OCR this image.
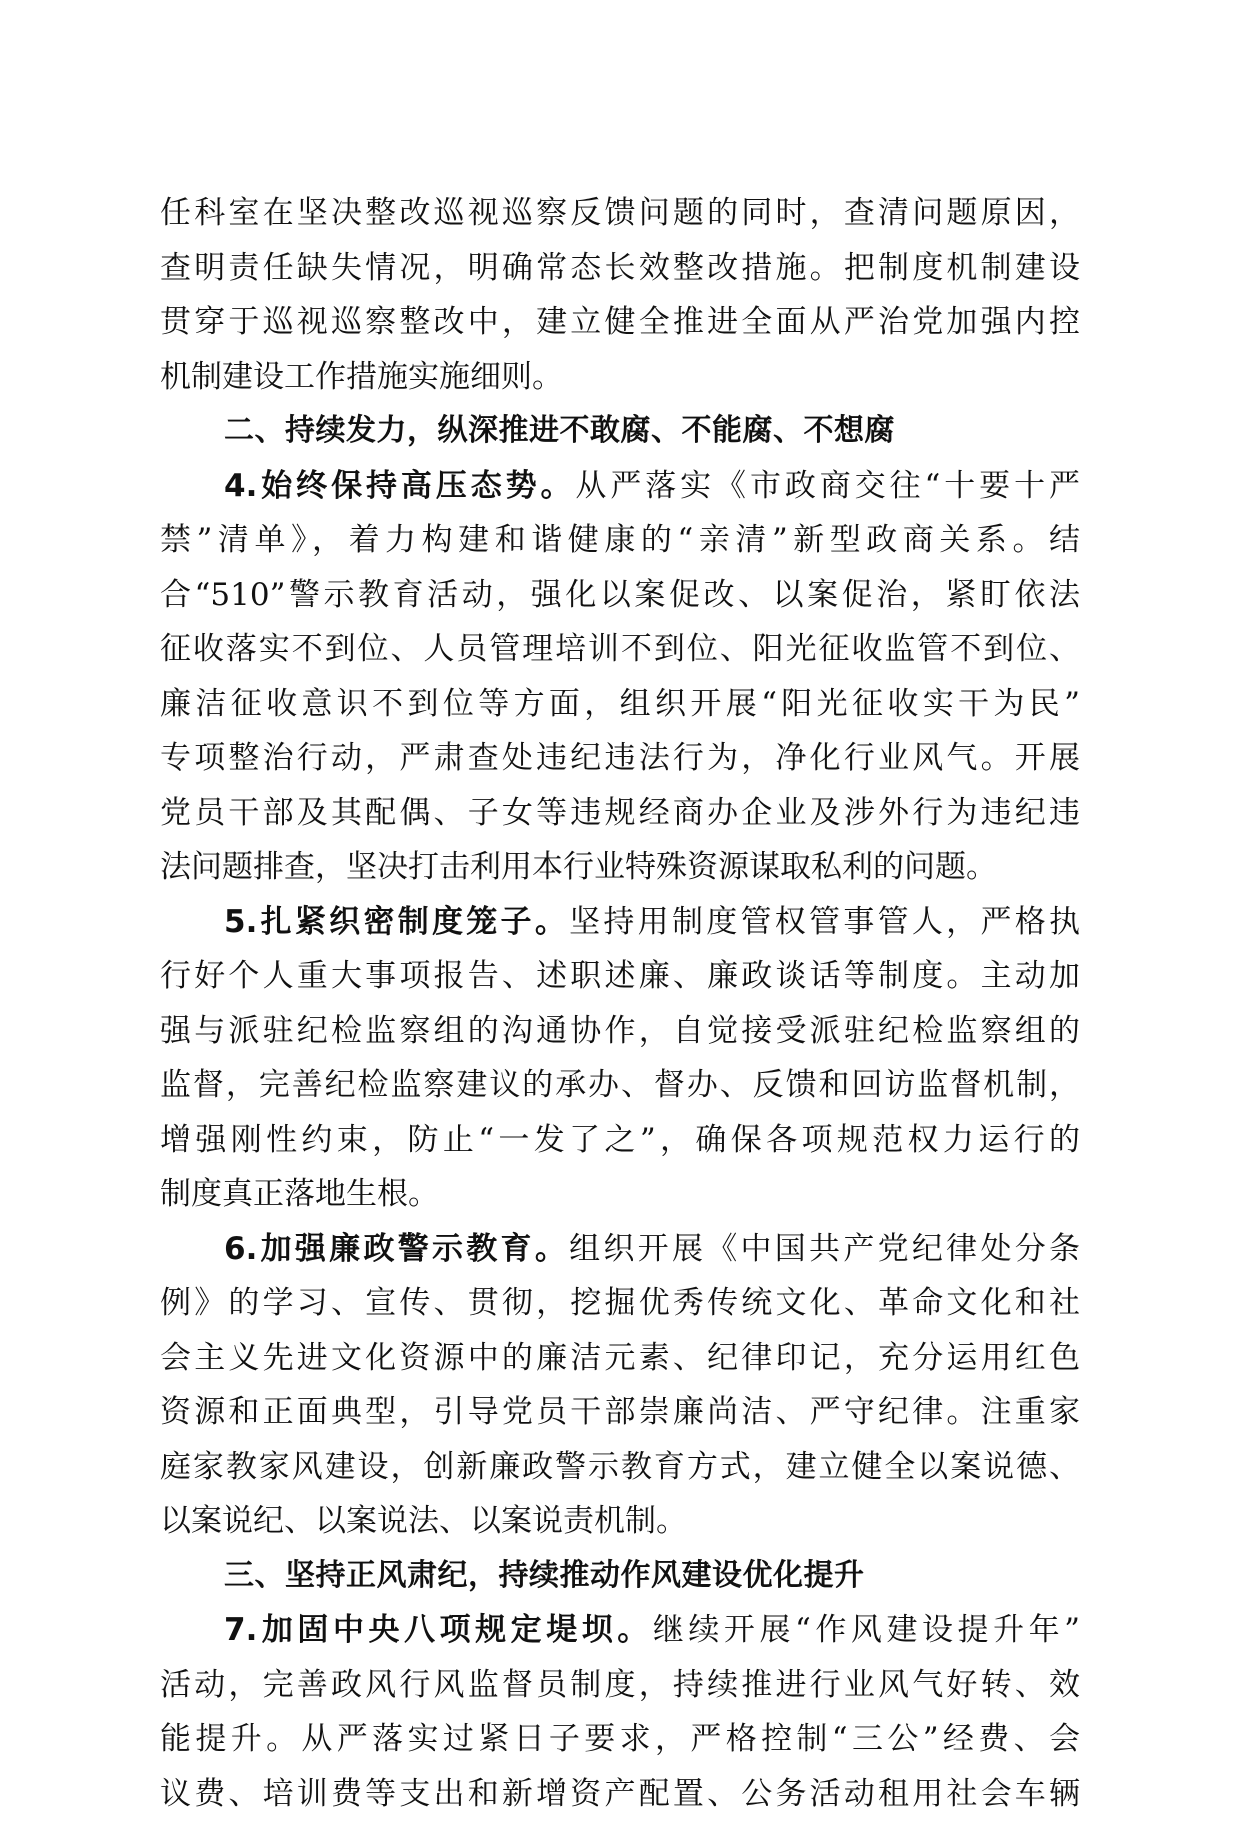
任科室在坚决整改巡视巡察反馈问题的同时，查清问题原因，
查明责任缺失情况，明确常态长效整改措施。把制度机制建设
贯穿于巡视巡察整改中，建立健全推进全面从严治党加强内控
机制建设工作措施实施细则。
二、持续发力，纵深推进不敢腐、不能腐、不想腐
4.始终保持高压态势。从严落实《市政商交往“十要十严
禁”清单》，着力构建和谐健康的“亲清”新型政商关系。结
合“510”警示教育活动，强化以案促改、以案促治，紧盯依法
征收落实不到位、人员管理培训不到位、阳光征收监管不到位、
廉洁征收意识不到位等方面，组织开展“阳光征收实干为民”
专项整治行动，严肃查处违纪违法行为，净化行业风气。开展
党员干部及其配偶、子女等违规经商办企业及涉外行为违纪违
法问题排查，坚决打击利用本行业特殊资源谋取私利的问题。
5.扎紧织密制度笼子。坚持用制度管权管事管人，严格执
行好个人重大事项报告、述职述廉、廉政谈话等制度。主动加
强与派驻纪检监察组的沟通协作，自觉接受派驻纪检监察组的
监督，完善纪检监察建议的承办、督办、反馈和回访监督机制，
增强刚性约束，防止“一发了之”，确保各项规范权力运行的
制度真正落地生根。
6.加强廉政警示教育。组织开展《中国共产党纪律处分条
例》的学习、宣传、贯彻，挖掘优秀传统文化、革命文化和社
会主义先进文化资源中的廉洁元素、纪律印记，充分运用红色
资源和正面典型，引导党员干部崇廉尚洁、严守纪律。注重家
庭家教家风建设，创新廉政警示教育方式，建立健全以案说德、
以案说纪、以案说法、以案说责机制。
三、坚持正风肃纪，持续推动作风建设优化提升
7.加固中央八项规定堤坝。继续开展“作风建设提升年”
活动，完善政风行风监督员制度，持续推进行业风气好转、效
能提升。从严落实过紧日子要求，严格控制“三公”经费、会
议费、培训费等支出和新增资产配置、公务活动租用社会车辆
